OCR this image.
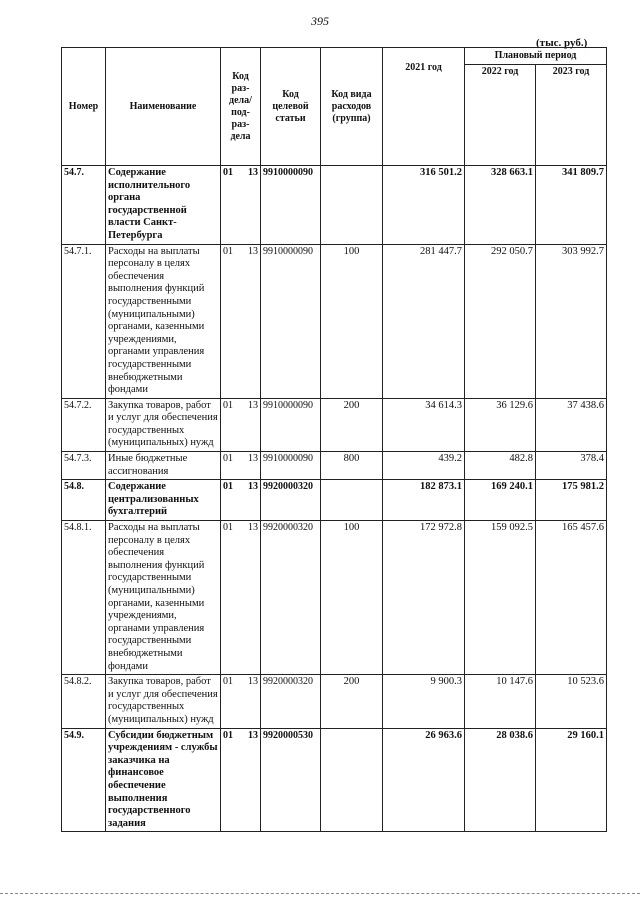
395
(тыс. руб.)
Номер	Наименование	Код раз- дела/ под- раз- дела	Код целевой статьи	Код вида расходов (группа)	2021 год	Плановый период	
						2022 год	2023 год
54.7.	Содержание исполнительного органа государственной власти Санкт-Петербурга	01 13	9910000090		316 501.2	328 663.1	341 809.7
54.7.1.	Расходы на выплаты персоналу в целях обеспечения выполнения функций государственными (муниципальными) органами, казенными учреждениями, органами управления государственными внебюджетными фондами	01 13	9910000090	100	281 447.7	292 050.7	303 992.7
54.7.2.	Закупка товаров, работ и услуг для обеспечения государственных (муниципальных) нужд	01 13	9910000090	200	34 614.3	36 129.6	37 438.6
54.7.3.	Иные бюджетные ассигнования	01 13	9910000090	800	439.2	482.8	378.4
54.8.	Содержание централизованных бухгалтерий	01 13	9920000320		182 873.1	169 240.1	175 981.2
54.8.1.	Расходы на выплаты персоналу в целях обеспечения выполнения функций государственными (муниципальными) органами, казенными учреждениями, органами управления государственными внебюджетными фондами	01 13	9920000320	100	172 972.8	159 092.5	165 457.6
54.8.2.	Закупка товаров, работ и услуг для обеспечения государственных (муниципальных) нужд	01 13	9920000320	200	9 900.3	10 147.6	10 523.6
54.9.	Субсидии бюджетным учреждениям - службы заказчика на финансовое обеспечение выполнения государственного задания	01 13	9920000530		26 963.6	28 038.6	29 160.1
